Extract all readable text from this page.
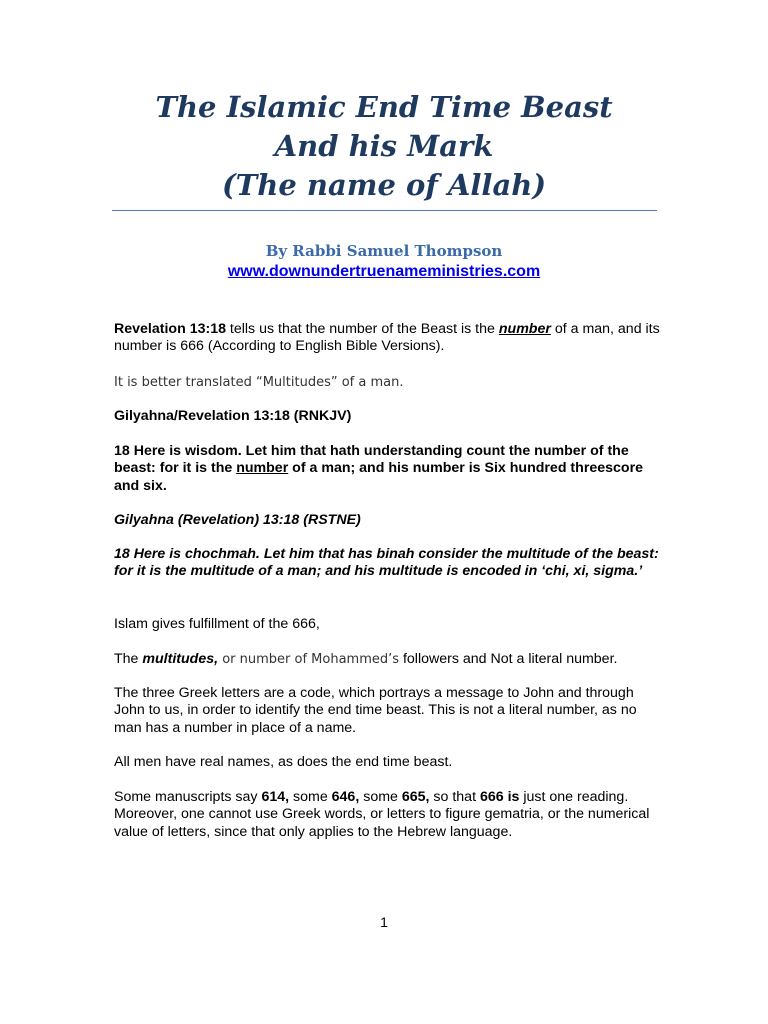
The Islamic End Time Beast
And his Mark
(The name of Allah)
By Rabbi Samuel Thompson
www.downundertruenameministries.com
Revelation 13:18 tells us that the number of the Beast is the number of a man, and its number is 666 (According to English Bible Versions).
It is better translated “Multitudes” of a man.
Gilyahna/Revelation 13:18 (RNKJV)
18 Here is wisdom. Let him that hath understanding count the number of the beast: for it is the number of a man; and his number is Six hundred threescore and six.
Gilyahna (Revelation) 13:18 (RSTNE)
18 Here is chochmah. Let him that has binah consider the multitude of the beast: for it is the multitude of a man; and his multitude is encoded in ‘chi, xi, sigma.’
Islam gives fulfillment of the 666,
The multitudes, or number of Mohammed’s followers and Not a literal number.
The three Greek letters are a code, which portrays a message to John and through John to us, in order to identify the end time beast. This is not a literal number, as no man has a number in place of a name.
All men have real names, as does the end time beast.
Some manuscripts say 614, some 646, some 665, so that 666 is just one reading. Moreover, one cannot use Greek words, or letters to figure gematria, or the numerical value of letters, since that only applies to the Hebrew language.
1
